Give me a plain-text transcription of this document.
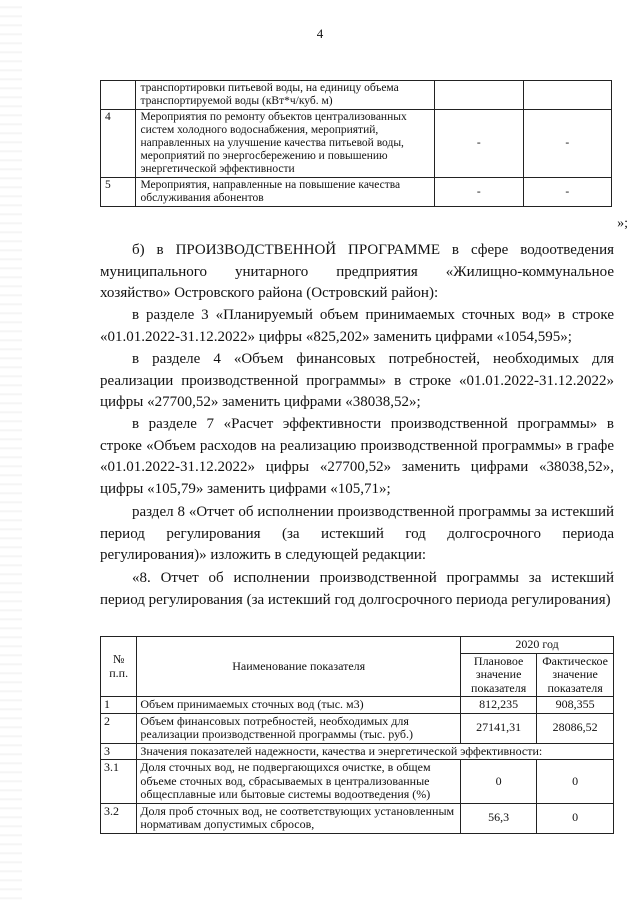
4
	транспортировки питьевой воды, на единицу объема транспортируемой воды (кВт*ч/куб. м)		
4	Мероприятия по ремонту объектов централизованных систем холодного водоснабжения, мероприятий, направленных на улучшение качества питьевой воды, мероприятий по энергосбережению и повышению энергетической эффективности	-	-
5	Мероприятия, направленные на повышение качества обслуживания абонентов	-	-
»;

б) в ПРОИЗВОДСТВЕННОЙ ПРОГРАММЕ в сфере водоотведения муниципального унитарного предприятия «Жилищно-коммунальное хозяйство» Островского района (Островский район):

в разделе 3 «Планируемый объем принимаемых сточных вод» в строке «01.01.2022-31.12.2022» цифры «825,202» заменить цифрами «1054,595»;

в разделе 4 «Объем финансовых потребностей, необходимых для реализации производственной программы» в строке «01.01.2022-31.12.2022» цифры «27700,52» заменить цифрами «38038,52»;

в разделе 7 «Расчет эффективности производственной программы» в строке «Объем расходов на реализацию производственной программы» в графе «01.01.2022-31.12.2022» цифры «27700,52» заменить цифрами «38038,52», цифры «105,79» заменить цифрами «105,71»;

раздел 8 «Отчет об исполнении производственной программы за истекший период регулирования (за истекший год долгосрочного периода регулирования)» изложить в следующей редакции:

«8. Отчет об исполнении производственной программы за истекший период регулирования (за истекший год долгосрочного периода регулирования)

№ п.п.	Наименование показателя	2020 год	
		Плановое значение показателя	Фактическое значение показателя
1	Объем принимаемых сточных вод (тыс. м3)	812,235	908,355
2	Объем финансовых потребностей, необходимых для реализации производственной программы (тыс. руб.)	27141,31	28086,52
3	Значения показателей надежности, качества и энергетической эффективности:		
3.1	Доля сточных вод, не подвергающихся очистке, в общем объеме сточных вод, сбрасываемых в централизованные общесплавные или бытовые системы водоотведения (%)	0	0
3.2	Доля проб сточных вод, не соответствующих установленным нормативам допустимых сбросов,	56,3	0
